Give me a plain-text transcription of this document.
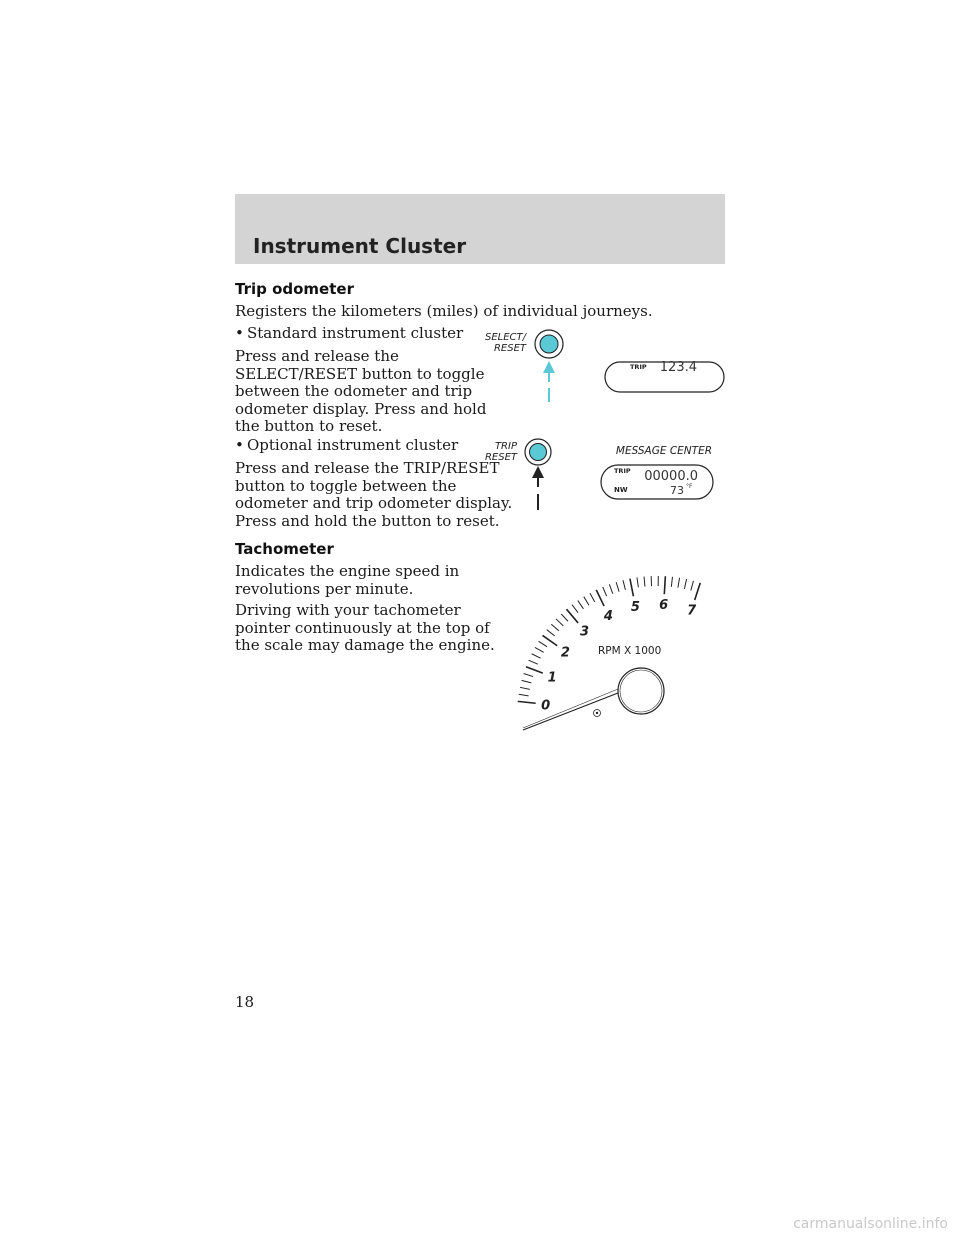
Instrument Cluster
Trip odometer

Registers the kilometers (miles) of individual journeys.

• Standard instrument cluster

Press and release the
SELECT/RESET button to toggle
between the odometer and trip
odometer display. Press and hold
the button to reset.

• Optional instrument cluster

Press and release the TRIP/RESET
button to toggle between the
odometer and trip odometer display.
Press and hold the button to reset.

Tachometer

Indicates the engine speed in
revolutions per minute.

Driving with your tachometer
pointer continuously at the top of
the scale may damage the engine.

SELECT/
RESET

TRIP 123.4

TRIP
RESET

MESSAGE CENTER
TRIP 00000.0
NW	73 °F
0
1
2
3
4
5 6 7
RPM X 1000

18

carmanualsonline.info
